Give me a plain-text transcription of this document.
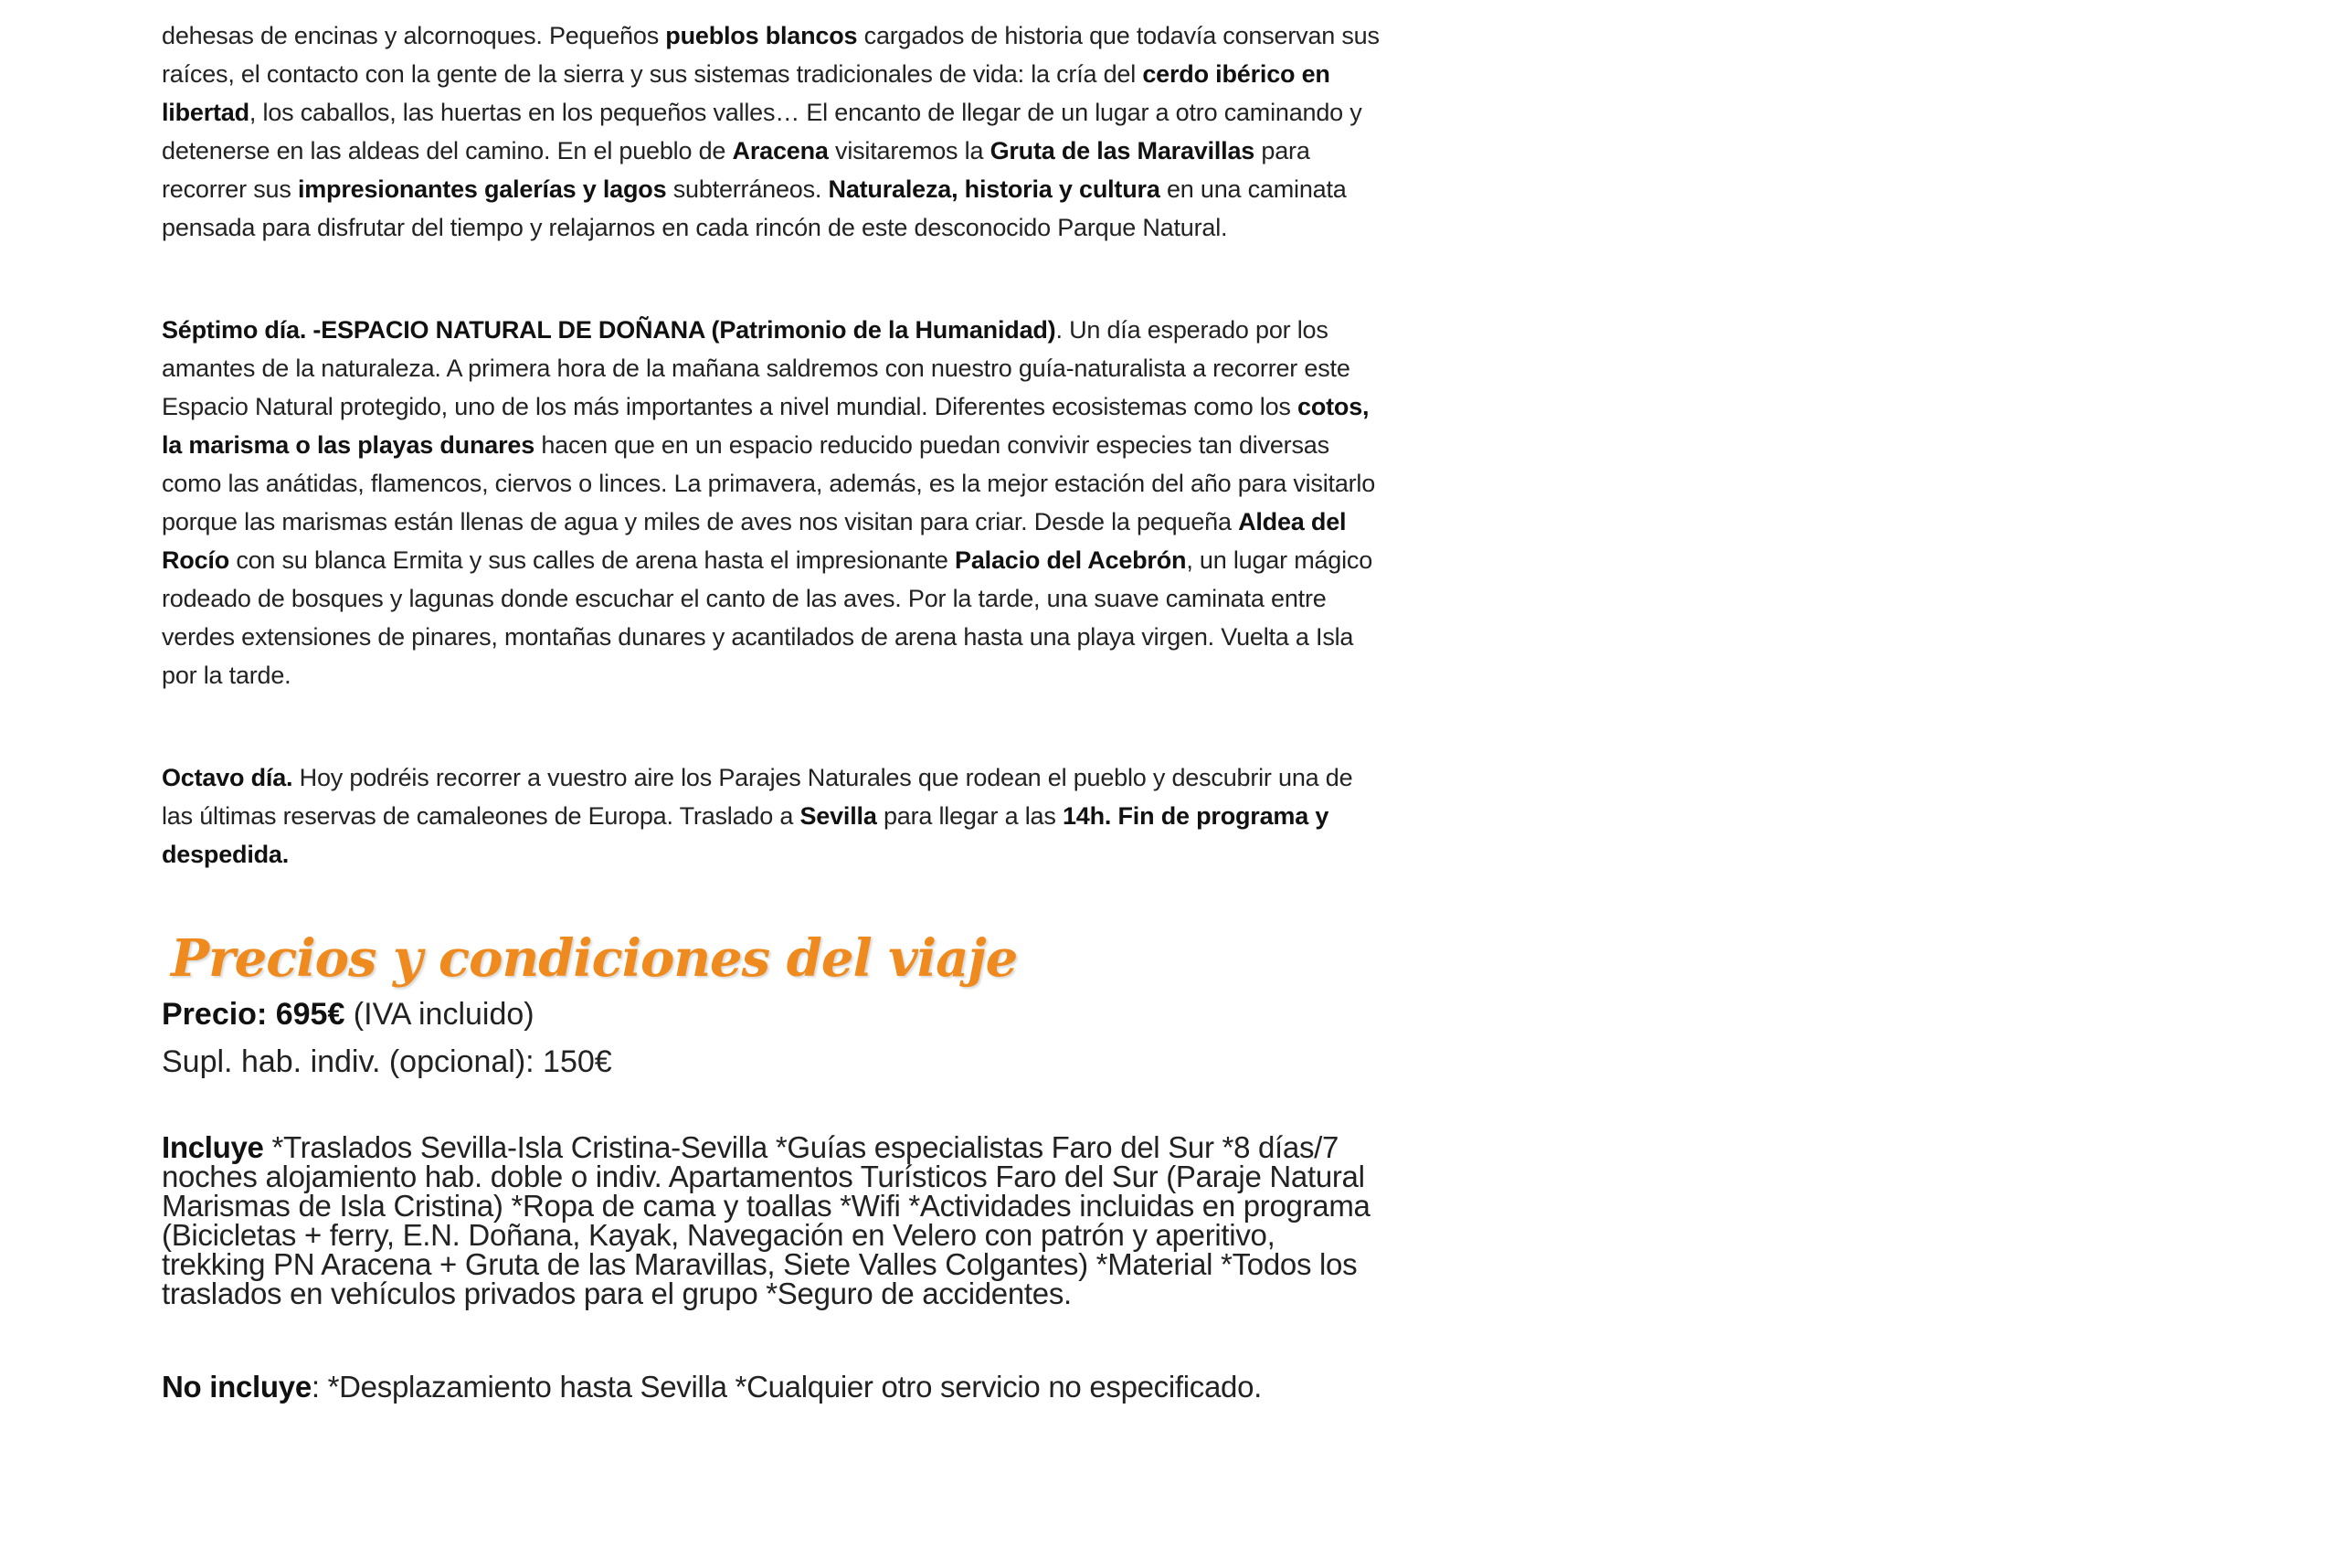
dehesas de encinas y alcornoques. Pequeños pueblos blancos cargados de historia que todavía conservan sus raíces, el contacto con la gente de la sierra y sus sistemas tradicionales de vida: la cría del cerdo ibérico en libertad, los caballos, las huertas en los pequeños valles… El encanto de llegar de un lugar a otro caminando y detenerse en las aldeas del camino. En el pueblo de Aracena visitaremos la Gruta de las Maravillas para recorrer sus impresionantes galerías y lagos subterráneos. Naturaleza, historia y cultura en una caminata pensada para disfrutar del tiempo y relajarnos en cada rincón de este desconocido Parque Natural.

Séptimo día. -ESPACIO NATURAL DE DOÑANA (Patrimonio de la Humanidad). Un día esperado por los amantes de la naturaleza. A primera hora de la mañana saldremos con nuestro guía-naturalista a recorrer este Espacio Natural protegido, uno de los más importantes a nivel mundial. Diferentes ecosistemas como los cotos, la marisma o las playas dunares hacen que en un espacio reducido puedan convivir especies tan diversas como las anátidas, flamencos, ciervos o linces. La primavera, además, es la mejor estación del año para visitarlo porque las marismas están llenas de agua y miles de aves nos visitan para criar. Desde la pequeña Aldea del Rocío con su blanca Ermita y sus calles de arena hasta el impresionante Palacio del Acebrón, un lugar mágico rodeado de bosques y lagunas donde escuchar el canto de las aves. Por la tarde, una suave caminata entre verdes extensiones de pinares, montañas dunares y acantilados de arena hasta una playa virgen. Vuelta a Isla por la tarde.

Octavo día. Hoy podréis recorrer a vuestro aire los Parajes Naturales que rodean el pueblo y descubrir una de las últimas reservas de camaleones de Europa. Traslado a Sevilla para llegar a las 14h. Fin de programa y despedida.

Precios y condiciones del viaje

Precio: 695€ (IVA incluido)

Supl. hab. indiv. (opcional): 150€

Incluye *Traslados Sevilla-Isla Cristina-Sevilla *Guías especialistas Faro del Sur *8 días/7 noches alojamiento hab. doble o indiv. Apartamentos Turísticos Faro del Sur (Paraje Natural Marismas de Isla Cristina) *Ropa de cama y toallas *Wifi *Actividades incluidas en programa (Bicicletas + ferry, E.N. Doñana, Kayak, Navegación en Velero con patrón y aperitivo, trekking PN Aracena + Gruta de las Maravillas, Siete Valles Colgantes) *Material *Todos los traslados en vehículos privados para el grupo *Seguro de accidentes.

No incluye: *Desplazamiento hasta Sevilla *Cualquier otro servicio no especificado.
